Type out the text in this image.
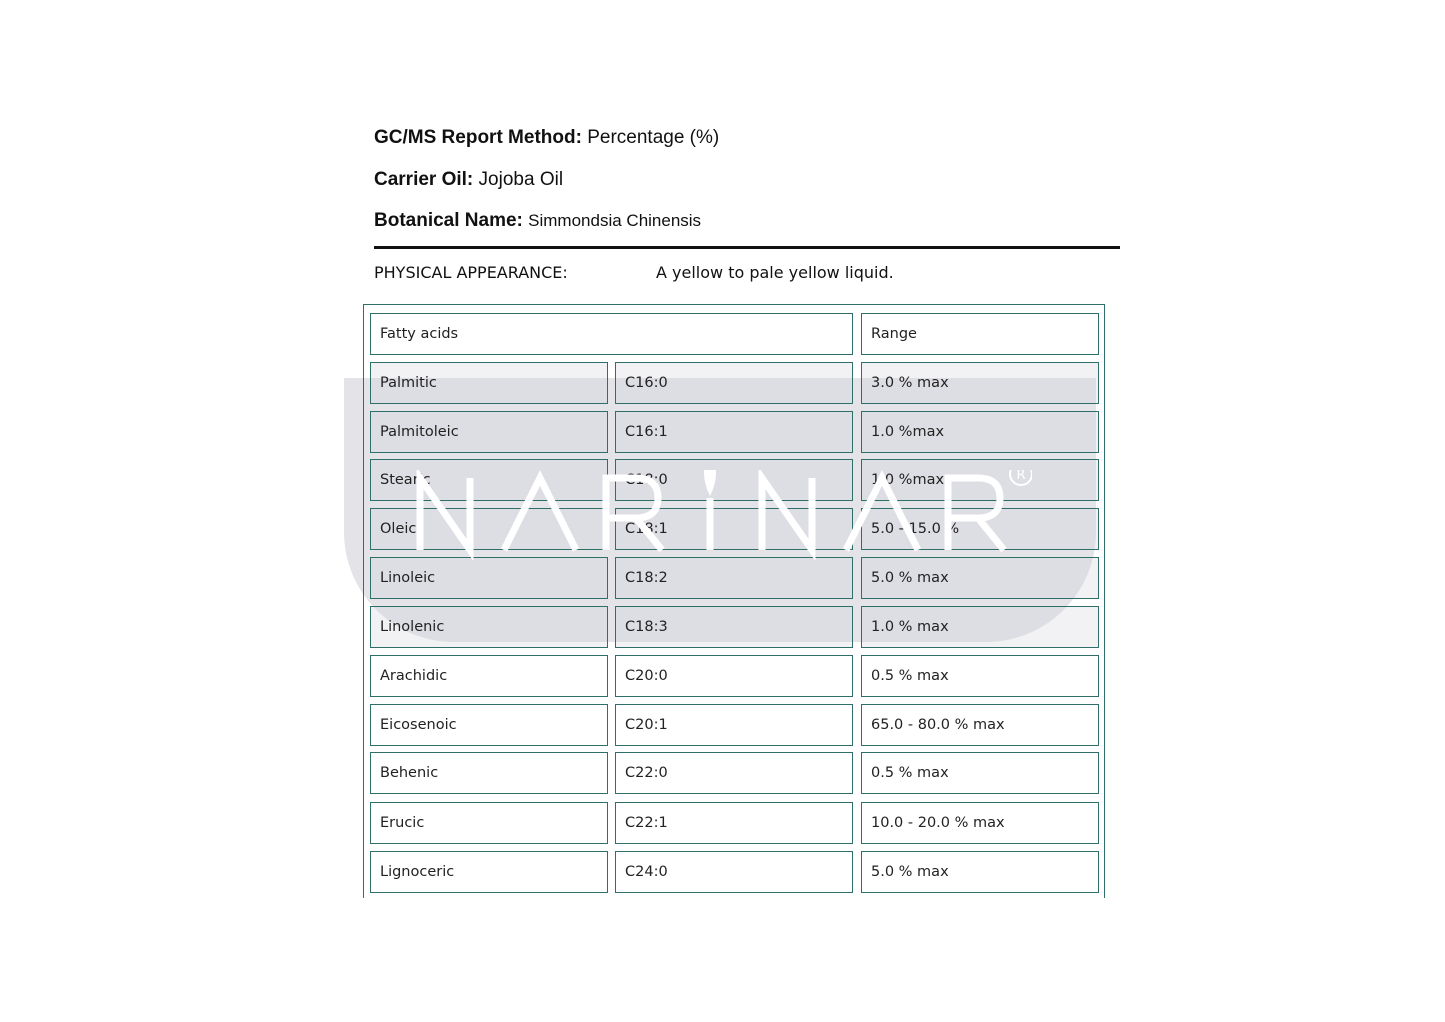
GC/MS Report Method: Percentage (%)
Carrier Oil: Jojoba Oil
Botanical Name: Simmondsia Chinensis
PHYSICAL APPEARANCE:	A yellow to pale yellow liquid.
R
Fatty acids	Range
Palmitic	C16:0	3.0 % max
Palmitoleic	C16:1	1.0 %max
Stearic	C18:0	1.0 %max
Oleic	C18:1	5.0 - 15.0 %
Linoleic	C18:2	5.0 % max
Linolenic	C18:3	1.0 % max
Arachidic	C20:0	0.5 % max
Eicosenoic	C20:1	65.0 - 80.0 % max
Behenic	C22:0	0.5 % max
Erucic	C22:1	10.0 - 20.0 % max
Lignoceric	C24:0	5.0 % max
